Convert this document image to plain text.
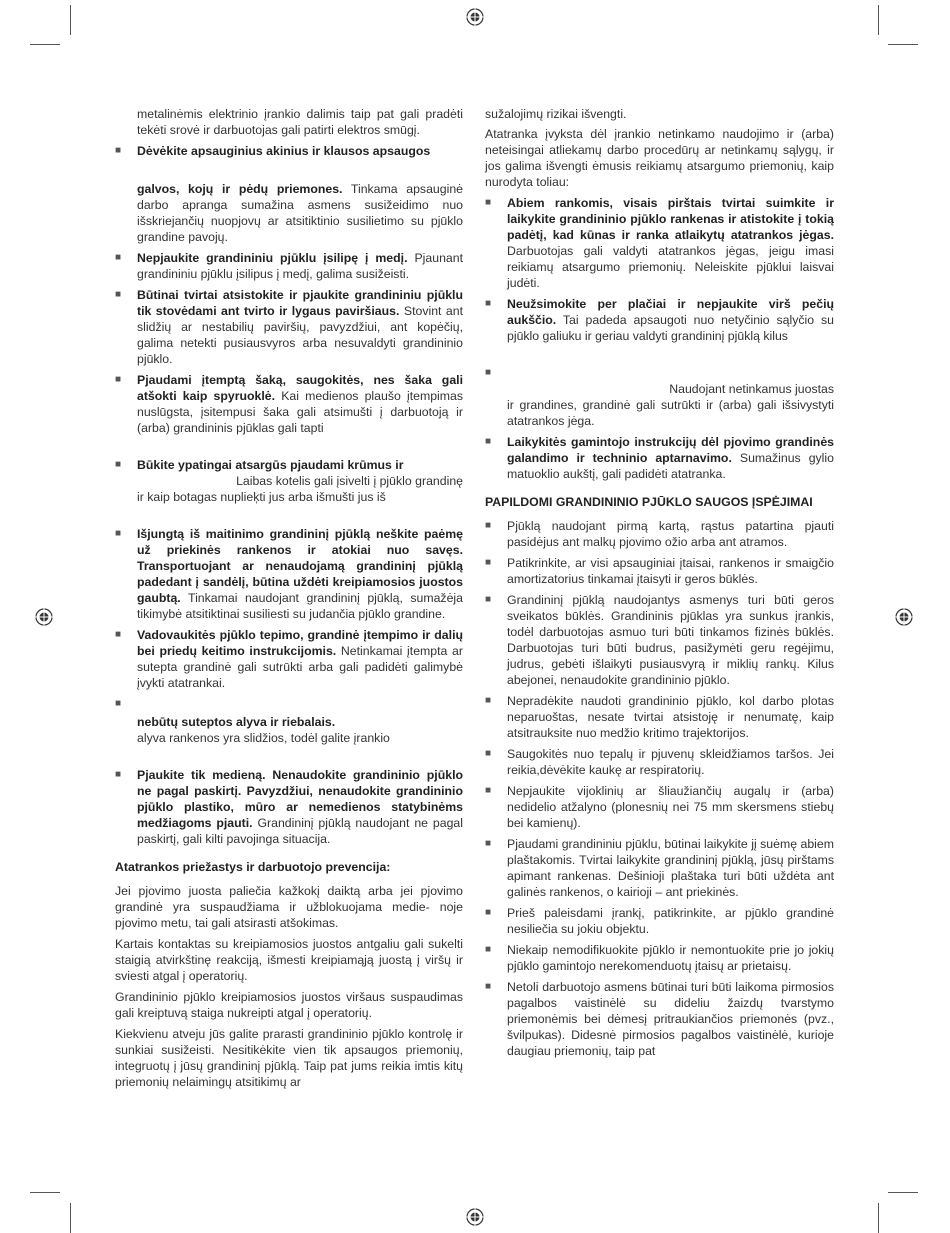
metalinėmis elektrinio įrankio dalimis taip pat gali pradėti tekėti srovė ir darbuotojas gali patirti elektros smūgį.
■ Dėvėkite apsauginius akinius ir klausos apsaugos
galvos, kojų ir pėdų priemones. Tinkama apsauginė darbo apranga sumažina asmens susižeidimo nuo išskriejančių nuopjovų ar atsitiktinio susilietimo su pjūklo grandine pavojų.
■ Nepjaukite grandininiu pjūklu įsilipę į medį. Pjaunant grandininiu pjūklu įsilipus į medį, galima susižeisti.
■ Būtinai tvirtai atsistokite ir pjaukite grandininiu pjūklu tik stovėdami ant tvirto ir lygaus paviršiaus. Stovint ant slidžių ar nestabilių paviršių, pavyzdžiui, ant kopėčių, galima netekti pusiausvyros arba nesuvaldyti grandininio pjūklo.
■ Pjaudami įtemptą šaką, saugokitės, nes šaka gali atšokti kaip spyruoklė. Kai medienos plaušo įtempimas nuslūgsta, įsitempusi šaka gali atsimušti į darbuotoją ir (arba) grandininis pjūklas gali tapti
■ Būkite ypatingai atsargūs pjaudami krūmus ir
Laibas kotelis gali įsivelti į pjūklo grandinę
ir kaip botagas nuplieķti jus arba išmušti jus iš
■ Išjungtą iš maitinimo grandininį pjūklą neškite paėmę už priekinės rankenos ir atokiai nuo savęs. Transportuojant ar nenaudojamą grandininį pjūklą padedant į sandėlį, būtina uždėti kreipiamosios juostos gaubtą. Tinkamai naudojant grandininį pjūklą, sumažėja tikimybė atsitiktinai susiliesti su judančia pjūklo grandine.
■ Vadovaukitės pjūklo tepimo, grandinė įtempimo ir dalių bei priedų keitimo instrukcijomis. Netinkamai įtempta ar sutepta grandinė gali sutrūkti arba gali padidėti galimybė įvykti atatrankai.
■
nebūtų suteptos alyva ir riebalais.
alyva rankenos yra slidžios, todėl galite įrankio
■ Pjaukite tik medieną. Nenaudokite grandininio pjūklo ne pagal paskirtį. Pavyzdžiui, nenaudokite grandininio pjūklo plastiko, mūro ar nemedienos statybinėms medžiagoms pjauti. Grandininį pjūklą naudojant ne pagal paskirtį, gali kilti pavojinga situacija.
Atatrankos priežastys ir darbuotojo prevencija:

Jei pjovimo juosta paliečia kažkokį daiktą arba jei pjovimo grandinė yra suspaudžiama ir užblokuojama medie- noje pjovimo metu, tai gali atsirasti atšokimas.

Kartais kontaktas su kreipiamosios juostos antgaliu gali sukelti staigią atvirkštinę reakciją, išmesti kreipiamąją juostą į viršų ir sviesti atgal į operatorių.

Grandininio pjūklo kreipiamosios juostos viršaus suspaudimas gali kreiptuvą staiga nukreipti atgal į operatorių.

Kiekvienu atveju jūs galite prarasti grandininio pjūklo kontrolę ir sunkiai susižeisti. Nesitikėkite vien tik apsaugos priemonių, integruotų į jūsų grandininį pjūklą. Taip pat jums reikia imtis kitų priemonių nelaimingų atsitikimų ar

sužalojimų rizikai išvengti.

Atatranka įvyksta dėl įrankio netinkamo naudojimo ir (arba) neteisingai atliekamų darbo procedūrų ar netinkamų sąlygų, ir jos galima išvengti ėmusis reikiamų atsargumo priemonių, kaip nurodyta toliau:

■ Abiem rankomis, visais pirštais tvirtai suimkite ir laikykite grandininio pjūklo rankenas ir atistokite į tokią padėtį, kad kūnas ir ranka atlaikytų atatrankos jėgas. Darbuotojas gali valdyti atatrankos jėgas, jeigu imasi reikiamų atsargumo priemonių. Neleiskite pjūklui laisvai judėti.
■ Neužsimokite per plačiai ir nepjaukite virš pečių aukščio. Tai padeda apsaugoti nuo netyčinio sąlyčio su pjūklo galiuku ir geriau valdyti grandininį pjūklą kilus
■
Naudojant netinkamus juostas
ir grandines, grandinė gali sutrūkti ir (arba) gali išsivystyti atatrankos jėga.
■ Laikykitės gamintojo instrukcijų dėl pjovimo grandinės galandimo ir techninio aptarnavimo. Sumažinus gylio matuoklio aukštį, gali padidėti atatranka.
PAPILDOMI GRANDININIO PJŪKLO SAUGOS ĮSPĖJIMAI
■ Pjūklą naudojant pirmą kartą, rąstus patartina pjauti pasidėjus ant malkų pjovimo ožio arba ant atramos.
■ Patikrinkite, ar visi apsauginiai įtaisai, rankenos ir smaigčio amortizatorius tinkamai įtaisyti ir geros būklės.
■ Grandininį pjūklą naudojantys asmenys turi būti geros sveikatos būklės. Grandininis pjūklas yra sunkus įrankis, todėl darbuotojas asmuo turi būti tinkamos fizinės būklės. Darbuotojas turi būti budrus, pasižymėti geru regėjimu, judrus, gebėti išlaikyti pusiausvyrą ir miklių rankų. Kilus abejonei, nenaudokite grandininio pjūklo.
■ Nepradėkite naudoti grandininio pjūklo, kol darbo plotas neparuoštas, nesate tvirtai atsistoję ir nenumatę, kaip atsitrauksite nuo medžio kritimo trajektorijos.
■ Saugokitės nuo tepalų ir pjuvenų skleidžiamos taršos. Jei reikia,dėvėkite kaukę ar respiratorių.
■ Nepjaukite vijoklinių ar šliaužiančių augalų ir (arba) nedidelio atžalyno (plonesnių nei 75 mm skersmens stiebų bei kamienų).
■ Pjaudami grandininiu pjūklu, būtinai laikykite jį suėmę abiem plaštakomis. Tvirtai laikykite grandininį pjūklą, jūsų pirštams apimant rankenas. Dešinioji plaštaka turi būti uždėta ant galinės rankenos, o kairioji – ant priekinės.
■ Prieš paleisdami įrankį, patikrinkite, ar pjūklo grandinė nesiliečia su jokiu objektu.
■ Niekaip nemodifikuokite pjūklo ir nemontuokite prie jo jokių pjūklo gamintojo nerekomenduotų įtaisų ar prietaisų.
■ Netoli darbuotojo asmens būtinai turi būti laikoma pirmosios pagalbos vaistinėlė su dideliu žaizdų tvarstymo priemonėmis bei dėmesį pritraukiančios priemonės (pvz., švilpukas). Didesnė pirmosios pagalbos vaistinėlė, kurioje daugiau priemonių, taip pat
